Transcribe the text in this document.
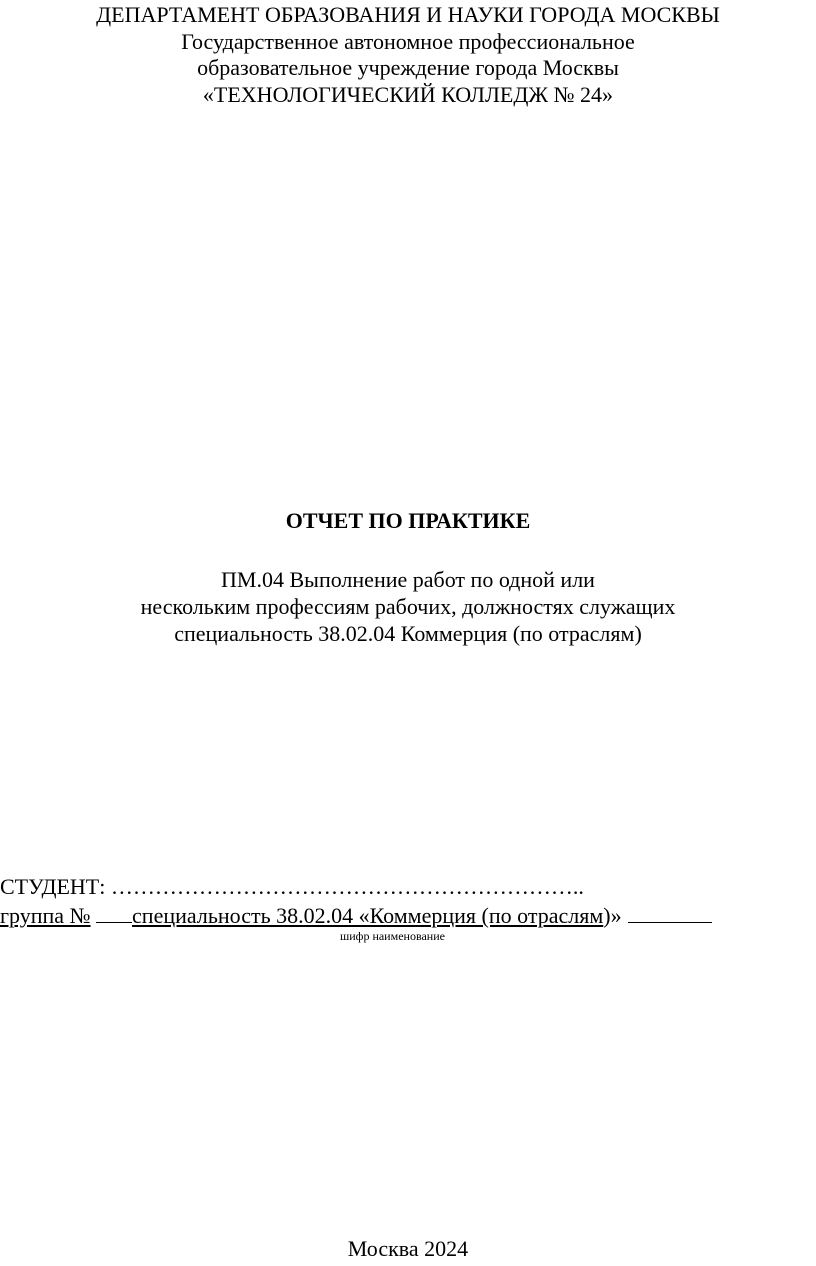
ДЕПАРТАМЕНТ ОБРАЗОВАНИЯ И НАУКИ ГОРОДА МОСКВЫ
Государственное автономное профессиональное
образовательное учреждение города Москвы
«ТЕХНОЛОГИЧЕСКИЙ КОЛЛЕДЖ № 24»
ОТЧЕТ ПО ПРАКТИКЕ
ПМ.04 Выполнение работ по одной или
нескольким профессиям рабочих, должностях служащих
специальность 38.02.04 Коммерция (по отраслям)
СТУДЕНТ: ………………………………………………………..
группа № специальность 38.02.04 «Коммерция (по отраслям)»
шифр наименование
Москва 2024
